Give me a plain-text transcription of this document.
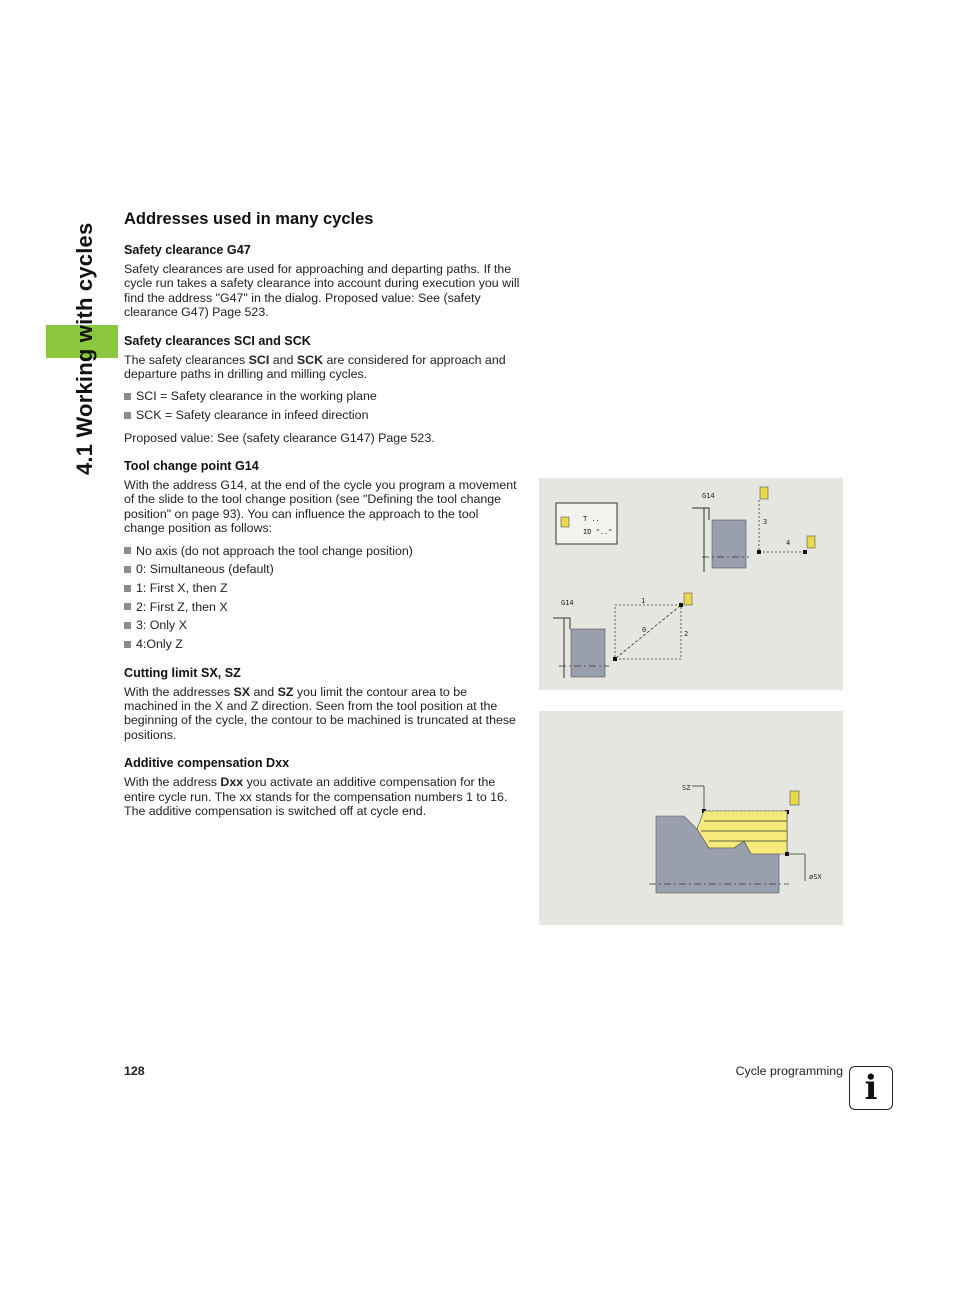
4.1 Working with cycles
Addresses used in many cycles
Safety clearance G47

Safety clearances are used for approaching and departing paths. If the cycle run takes a safety clearance into account during execution you will find the address "G47" in the dialog. Proposed value: See (safety clearance G47) Page 523.

Safety clearances SCI and SCK

The safety clearances SCI and SCK are considered for approach and departure paths in drilling and milling cycles.

SCI = Safety clearance in the working plane
SCK = Safety clearance in infeed direction

Proposed value: See (safety clearance G147) Page 523.

Tool change point G14

With the address G14, at the end of the cycle you program a movement of the slide to the tool change position (see "Defining the tool change position" on page 93). You can influence the approach to the tool change position as follows:

No axis (do not approach the tool change position)
0: Simultaneous (default)
1: First X, then Z
2: First Z, then X
3: Only X
4:Only Z
Cutting limit SX, SZ

With the addresses SX and SZ you limit the contour area to be machined in the X and Z direction. Seen from the tool position at the beginning of the cycle, the contour to be machined is truncated at these positions.

Additive compensation Dxx

With the address Dxx you activate an additive compensation for the entire cycle run. The xx stands for the compensation numbers 1 to 16. The additive compensation is switched off at cycle end.

T ..
ID ".."
G14
3
4
G14	1
2
0
SZ
øSX
128	Cycle programming i
